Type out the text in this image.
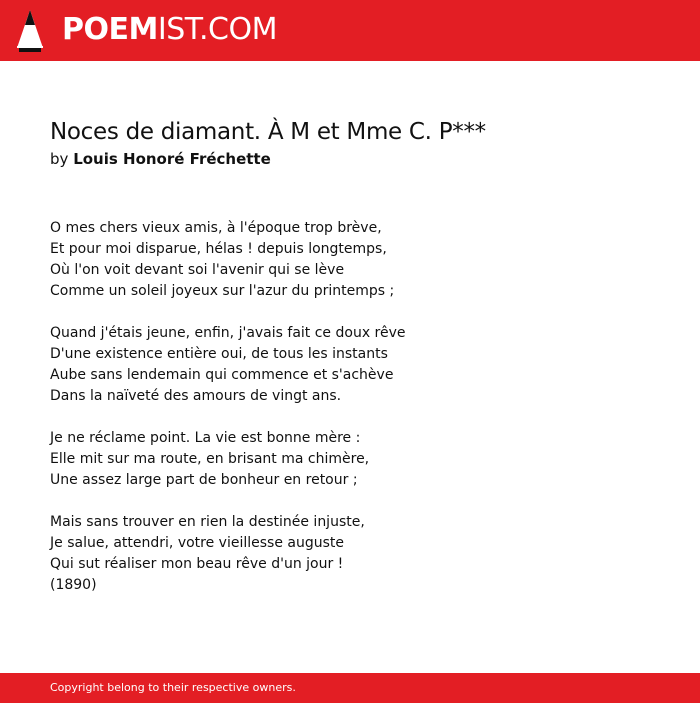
POEMIST.COM
Noces de diamant. À M et Mme C. P***
by Louis Honoré Fréchette
O mes chers vieux amis, à l'époque trop brève,
Et pour moi disparue, hélas ! depuis longtemps,
Où l'on voit devant soi l'avenir qui se lève
Comme un soleil joyeux sur l'azur du printemps ;
Quand j'étais jeune, enfin, j'avais fait ce doux rêve
D'une existence entière oui, de tous les instants
Aube sans lendemain qui commence et s'achève
Dans la naïveté des amours de vingt ans.
Je ne réclame point. La vie est bonne mère :
Elle mit sur ma route, en brisant ma chimère,
Une assez large part de bonheur en retour ;
Mais sans trouver en rien la destinée injuste,
Je salue, attendri, votre vieillesse auguste
Qui sut réaliser mon beau rêve d'un jour !
(1890)
Copyright belong to their respective owners.
